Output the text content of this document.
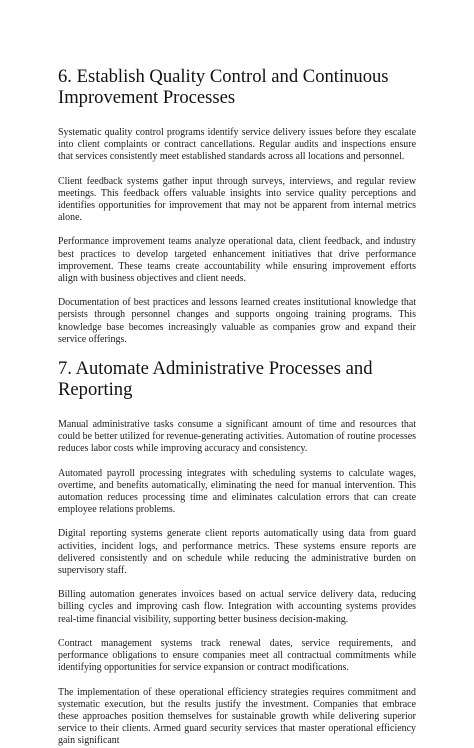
6. Establish Quality Control and Continuous Improvement Processes

Systematic quality control programs identify service delivery issues before they escalate into client complaints or contract cancellations. Regular audits and inspections ensure that services consistently meet established standards across all locations and personnel.

Client feedback systems gather input through surveys, interviews, and regular review meetings. This feedback offers valuable insights into service quality perceptions and identifies opportunities for improvement that may not be apparent from internal metrics alone.

Performance improvement teams analyze operational data, client feedback, and industry best practices to develop targeted enhancement initiatives that drive performance improvement. These teams create accountability while ensuring improvement efforts align with business objectives and client needs.

Documentation of best practices and lessons learned creates institutional knowledge that persists through personnel changes and supports ongoing training programs. This knowledge base becomes increasingly valuable as companies grow and expand their service offerings.

7. Automate Administrative Processes and Reporting

Manual administrative tasks consume a significant amount of time and resources that could be better utilized for revenue-generating activities. Automation of routine processes reduces labor costs while improving accuracy and consistency.

Automated payroll processing integrates with scheduling systems to calculate wages, overtime, and benefits automatically, eliminating the need for manual intervention. This automation reduces processing time and eliminates calculation errors that can create employee relations problems.

Digital reporting systems generate client reports automatically using data from guard activities, incident logs, and performance metrics. These systems ensure reports are delivered consistently and on schedule while reducing the administrative burden on supervisory staff.

Billing automation generates invoices based on actual service delivery data, reducing billing cycles and improving cash flow. Integration with accounting systems provides real-time financial visibility, supporting better business decision-making.

Contract management systems track renewal dates, service requirements, and performance obligations to ensure companies meet all contractual commitments while identifying opportunities for service expansion or contract modifications.

The implementation of these operational efficiency strategies requires commitment and systematic execution, but the results justify the investment. Companies that embrace these approaches position themselves for sustainable growth while delivering superior service to their clients. Armed guard security services that master operational efficiency gain significant
